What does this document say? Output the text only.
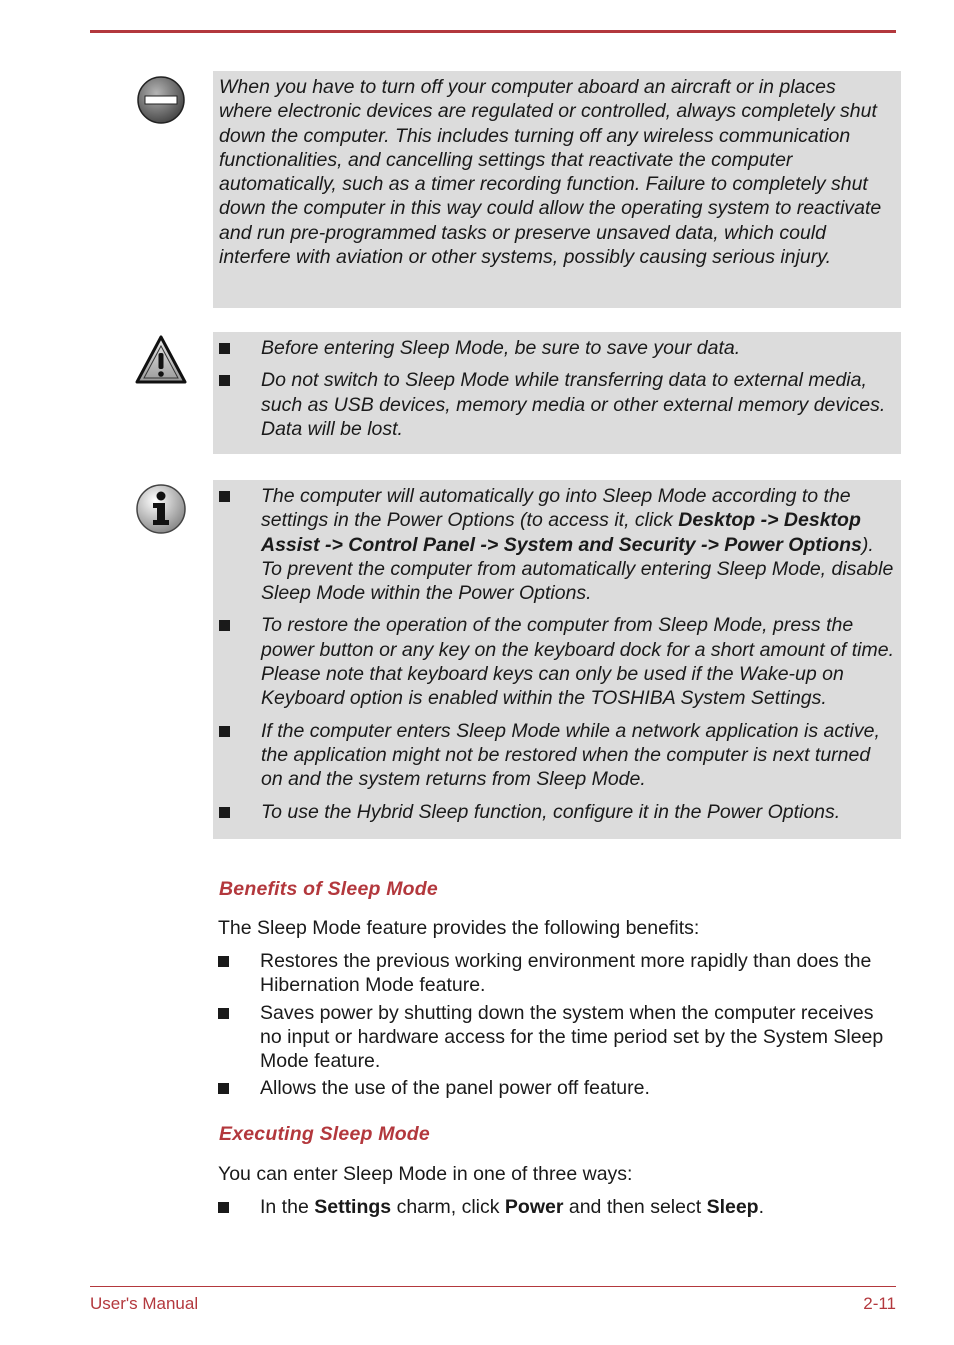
When you have to turn off your computer aboard an aircraft or in places where electronic devices are regulated or controlled, always completely shut down the computer. This includes turning off any wireless communication functionalities, and cancelling settings that reactivate the computer automatically, such as a timer recording function. Failure to completely shut down the computer in this way could allow the operating system to reactivate and run pre-programmed tasks or preserve unsaved data, which could interfere with aviation or other systems, possibly causing serious injury.
Before entering Sleep Mode, be sure to save your data.
Do not switch to Sleep Mode while transferring data to external media, such as USB devices, memory media or other external memory devices. Data will be lost.
The computer will automatically go into Sleep Mode according to the settings in the Power Options (to access it, click Desktop -> Desktop Assist -> Control Panel -> System and Security -> Power Options). To prevent the computer from automatically entering Sleep Mode, disable Sleep Mode within the Power Options.
To restore the operation of the computer from Sleep Mode, press the power button or any key on the keyboard dock for a short amount of time. Please note that keyboard keys can only be used if the Wake-up on Keyboard option is enabled within the TOSHIBA System Settings.
If the computer enters Sleep Mode while a network application is active, the application might not be restored when the computer is next turned on and the system returns from Sleep Mode.
To use the Hybrid Sleep function, configure it in the Power Options.
Benefits of Sleep Mode
The Sleep Mode feature provides the following benefits:
Restores the previous working environment more rapidly than does the Hibernation Mode feature.
Saves power by shutting down the system when the computer receives no input or hardware access for the time period set by the System Sleep Mode feature.
Allows the use of the panel power off feature.
Executing Sleep Mode
You can enter Sleep Mode in one of three ways:
In the Settings charm, click Power and then select Sleep.
User's Manual	2-11
